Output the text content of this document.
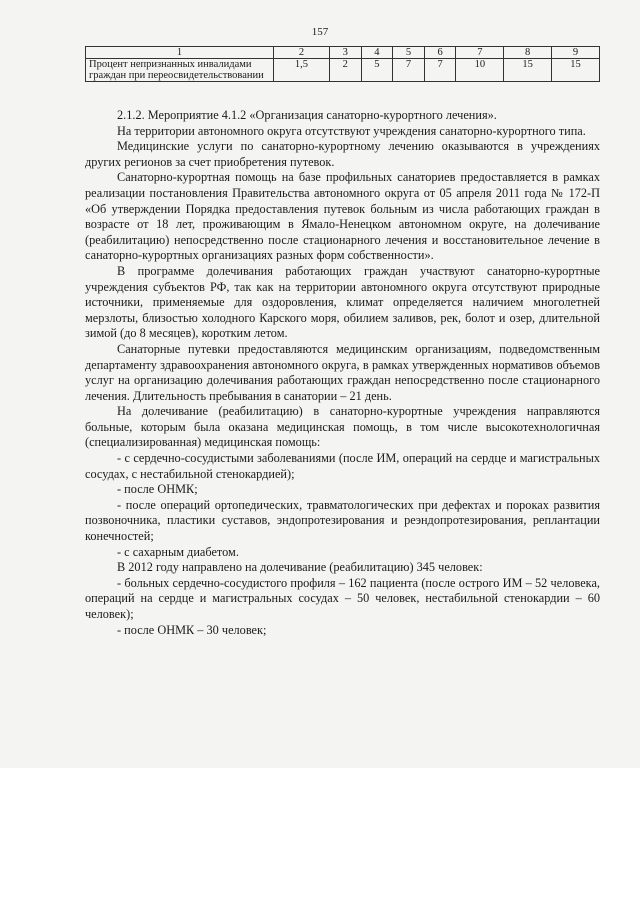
157
1	2	3	4	5	6	7	8	9
Процент непризнанных инвалидами граждан при переосвидетельствовании	1,5	2	5	7	7	10	15	15

2.1.2. Мероприятие 4.1.2 «Организация санаторно-курортного лечения».

На территории автономного округа отсутствуют учреждения санаторно-курортного типа.

Медицинские услуги по санаторно-курортному лечению оказываются в учреждениях других регионов за счет приобретения путевок.

Санаторно-курортная помощь на базе профильных санаториев предоставляется в рамках реализации постановления Правительства автономного округа от 05 апреля 2011 года № 172-П «Об утверждении Порядка предоставления путевок больным из числа работающих граждан в возрасте от 18 лет, проживающим в Ямало-Ненецком автономном округе, на долечивание (реабилитацию) непосредственно после стационарного лечения и восстановительное лечение в санаторно-курортных организациях разных форм собственности».

В программе долечивания работающих граждан участвуют санаторно-курортные учреждения субъектов РФ, так как на территории автономного округа отсутствуют природные источники, применяемые для оздоровления, климат определяется наличием многолетней мерзлоты, близостью холодного Карского моря, обилием заливов, рек, болот и озер, длительной зимой (до 8 месяцев), коротким летом.

Санаторные путевки предоставляются медицинским организациям, подведомственным департаменту здравоохранения автономного округа, в рамках утвержденных нормативов объемов услуг на организацию долечивания работающих граждан непосредственно после стационарного лечения. Длительность пребывания в санатории – 21 день.

На долечивание (реабилитацию) в санаторно-курортные учреждения направляются больные, которым была оказана медицинская помощь, в том числе высокотехнологичная (специализированная) медицинская помощь:

- с сердечно-сосудистыми заболеваниями (после ИМ, операций на сердце и магистральных сосудах, с нестабильной стенокардией);

- после ОНМК;

- после операций ортопедических, травматологических при дефектах и пороках развития позвоночника, пластики суставов, эндопротезирования и реэндопротезирования, реплантации конечностей;

- с сахарным диабетом.

В 2012 году направлено на долечивание (реабилитацию) 345 человек:

- больных сердечно-сосудистого профиля – 162 пациента (после острого ИМ – 52 человека, операций на сердце и магистральных сосудах – 50 человек, нестабильной стенокардии – 60 человек);

- после ОНМК – 30 человек;
